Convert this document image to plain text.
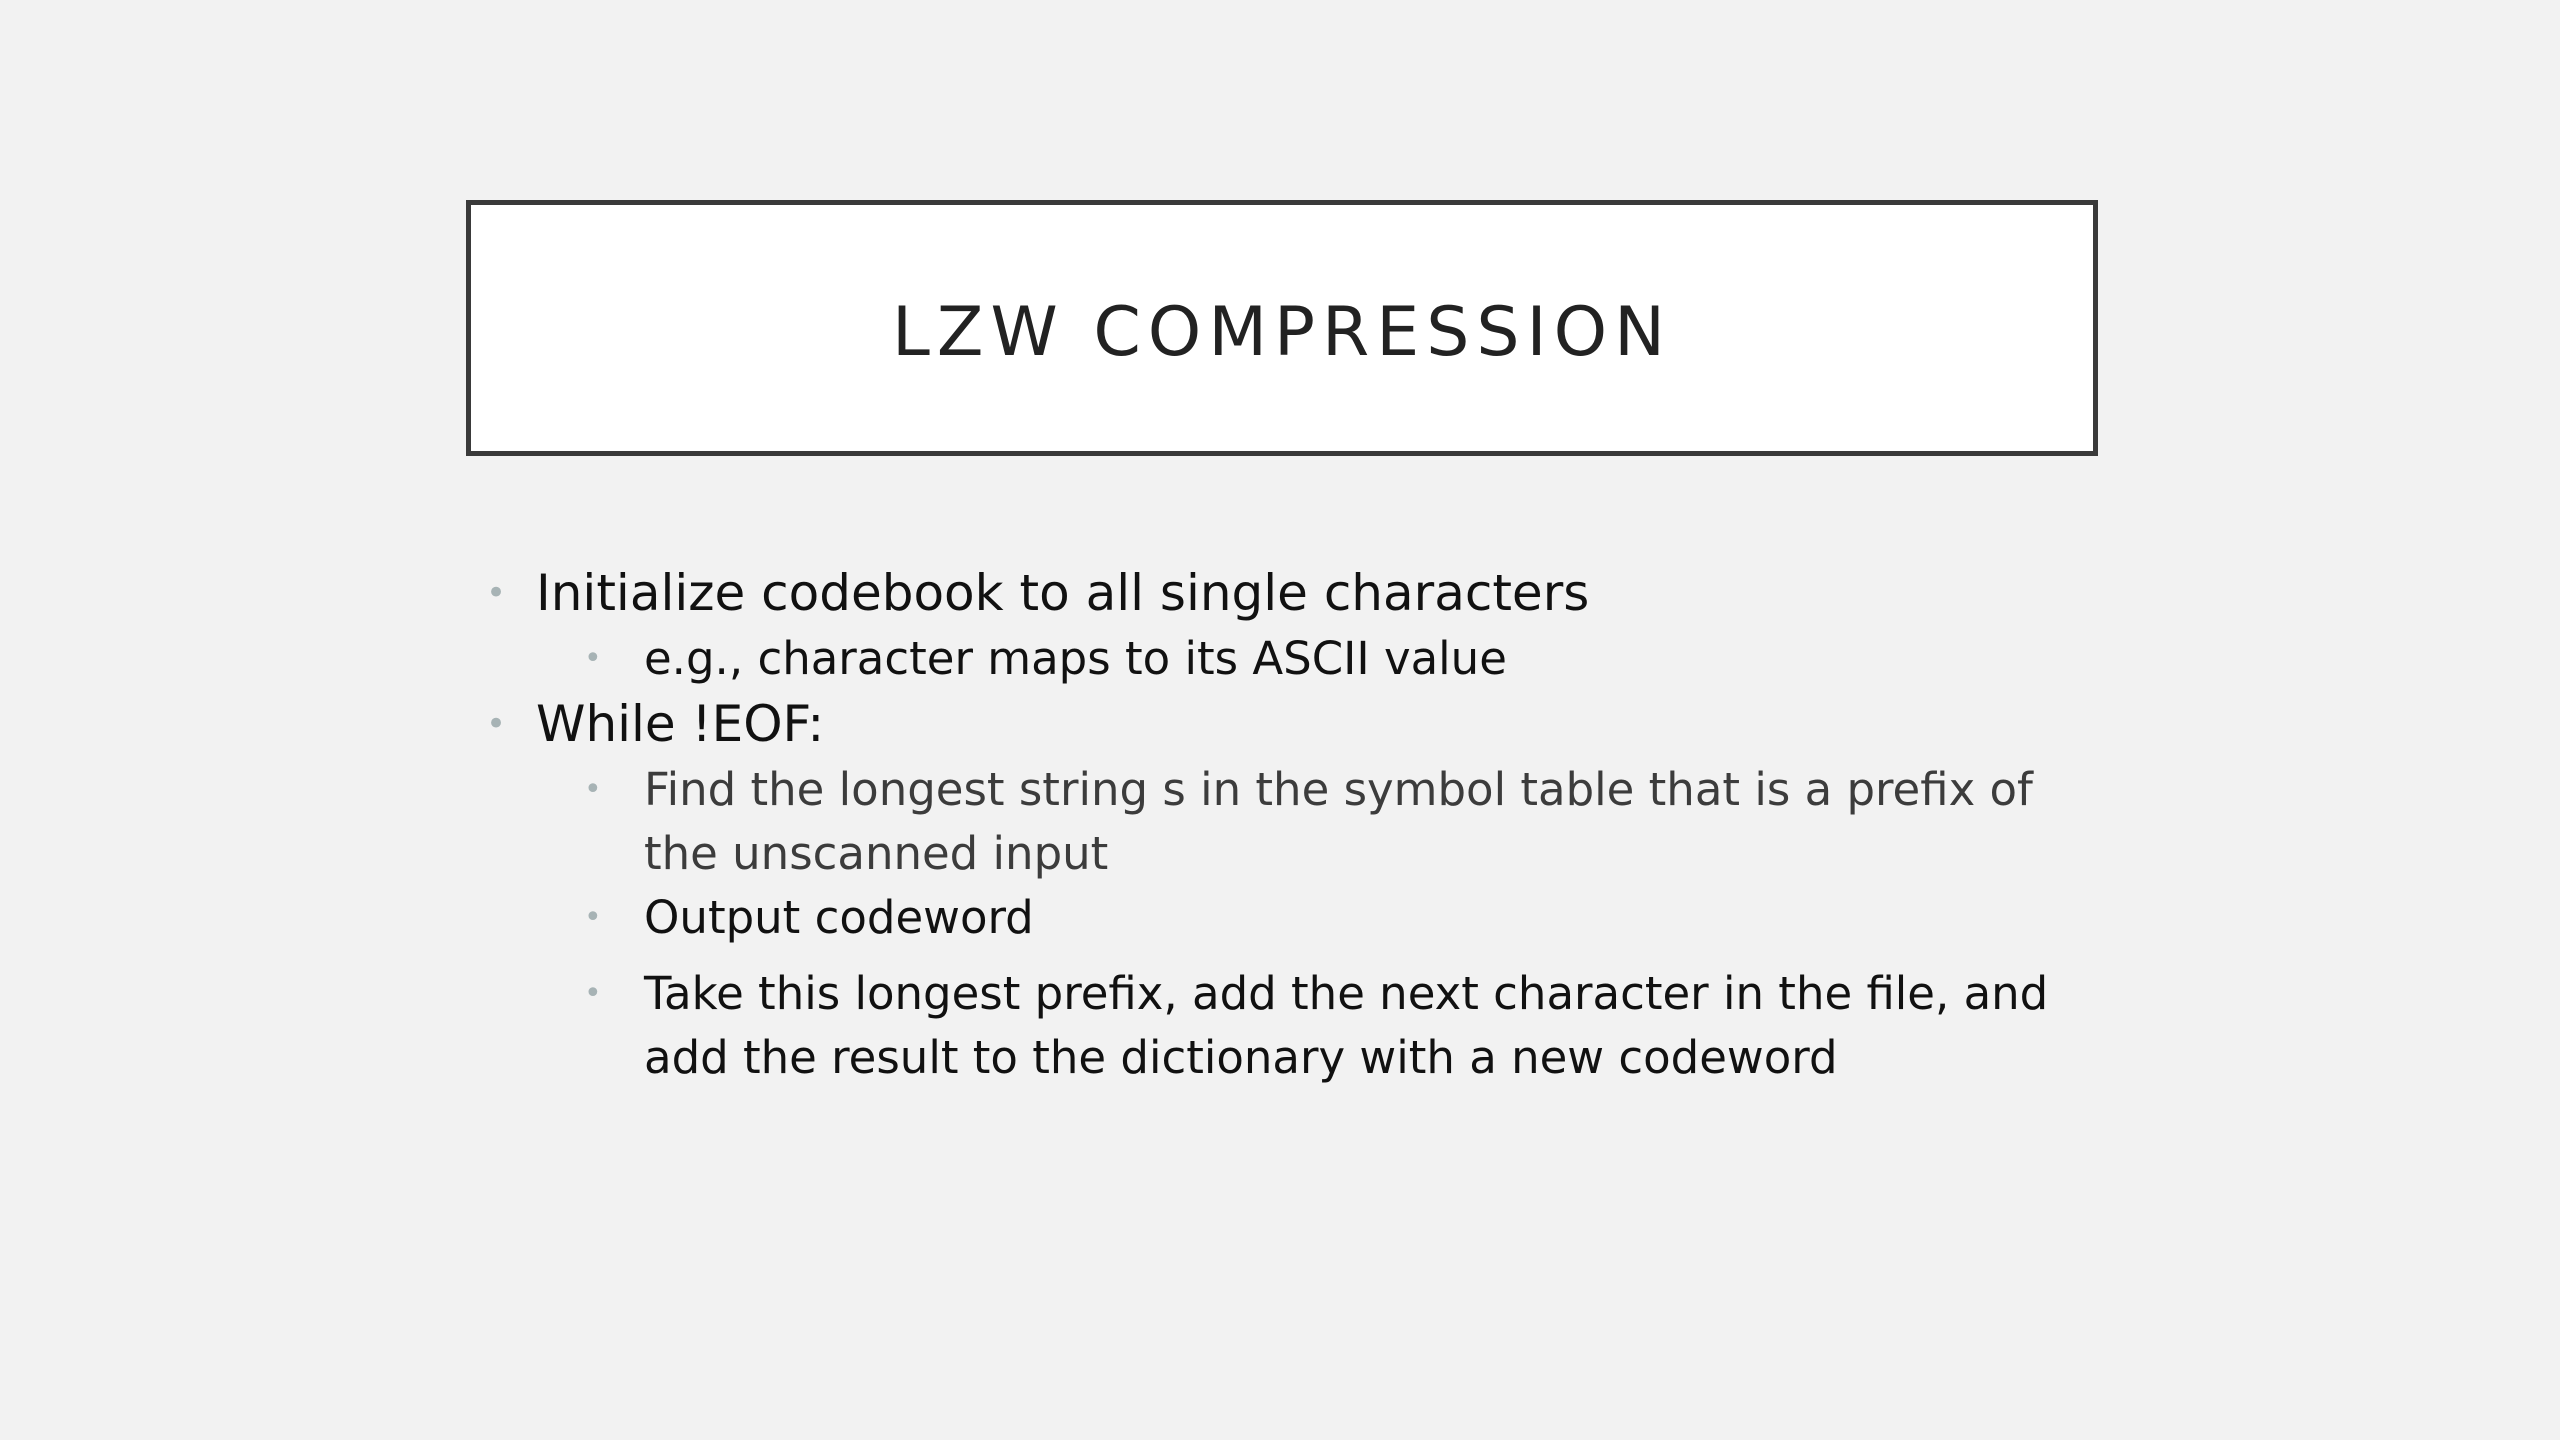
LZW COMPRESSION
• Initialize codebook to all single characters
• e.g., character maps to its ASCII value
• While !EOF:
• Find the longest string s in the symbol table that is a prefix of the unscanned input
• Output codeword
• Take this longest prefix, add the next character in the file, and add the result to the dictionary with a new codeword
